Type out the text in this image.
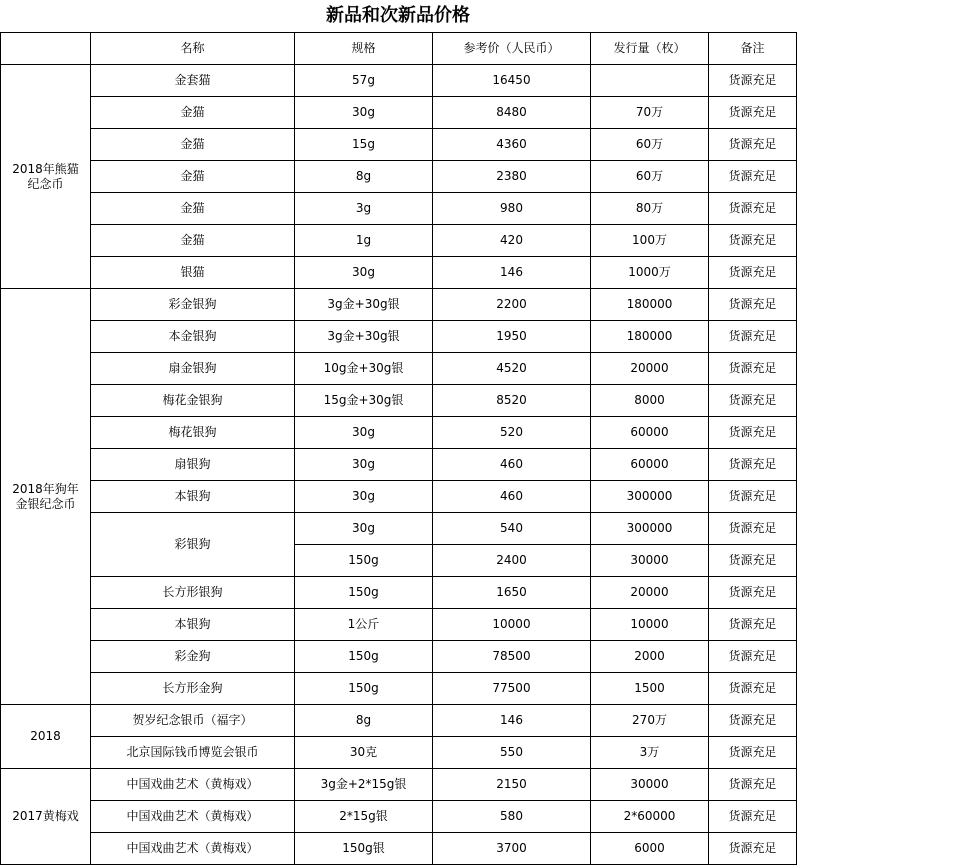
新品和次新品价格
	名称	规格	参考价（人民币）	发行量（枚）	备注

2018年熊猫
纪念币	金套猫	57g	16450		货源充足
	金猫	30g	8480	70万	货源充足
	金猫	15g	4360	60万	货源充足
	金猫	8g	2380	60万	货源充足
	金猫	3g	980	80万	货源充足
	金猫	1g	420	100万	货源充足
	银猫	30g	146	1000万	货源充足

2018年狗年
金银纪念币	彩金银狗	3g金+30g银	2200	180000	货源充足
	本金银狗	3g金+30g银	1950	180000	货源充足
	扇金银狗	10g金+30g银	4520	20000	货源充足
	梅花金银狗	15g金+30g银	8520	8000	货源充足
	梅花银狗	30g	520	60000	货源充足
	扇银狗	30g	460	60000	货源充足
	本银狗	30g	460	300000	货源充足
	彩银狗	30g	540	300000	货源充足
		150g	2400	30000	货源充足
	长方形银狗	150g	1650	20000	货源充足
	本银狗	1公斤	10000	10000	货源充足
	彩金狗	150g	78500	2000	货源充足
	长方形金狗	150g	77500	1500	货源充足

2018	贺岁纪念银币（福字）	8g	146	270万	货源充足
	北京国际钱币博览会银币	30克	550	3万	货源充足

2017黄梅戏	中国戏曲艺术（黄梅戏）	3g金+2*15g银	2150	30000	货源充足
	中国戏曲艺术（黄梅戏）	2*15g银	580	2*60000	货源充足
	中国戏曲艺术（黄梅戏）	150g银	3700	6000	货源充足
